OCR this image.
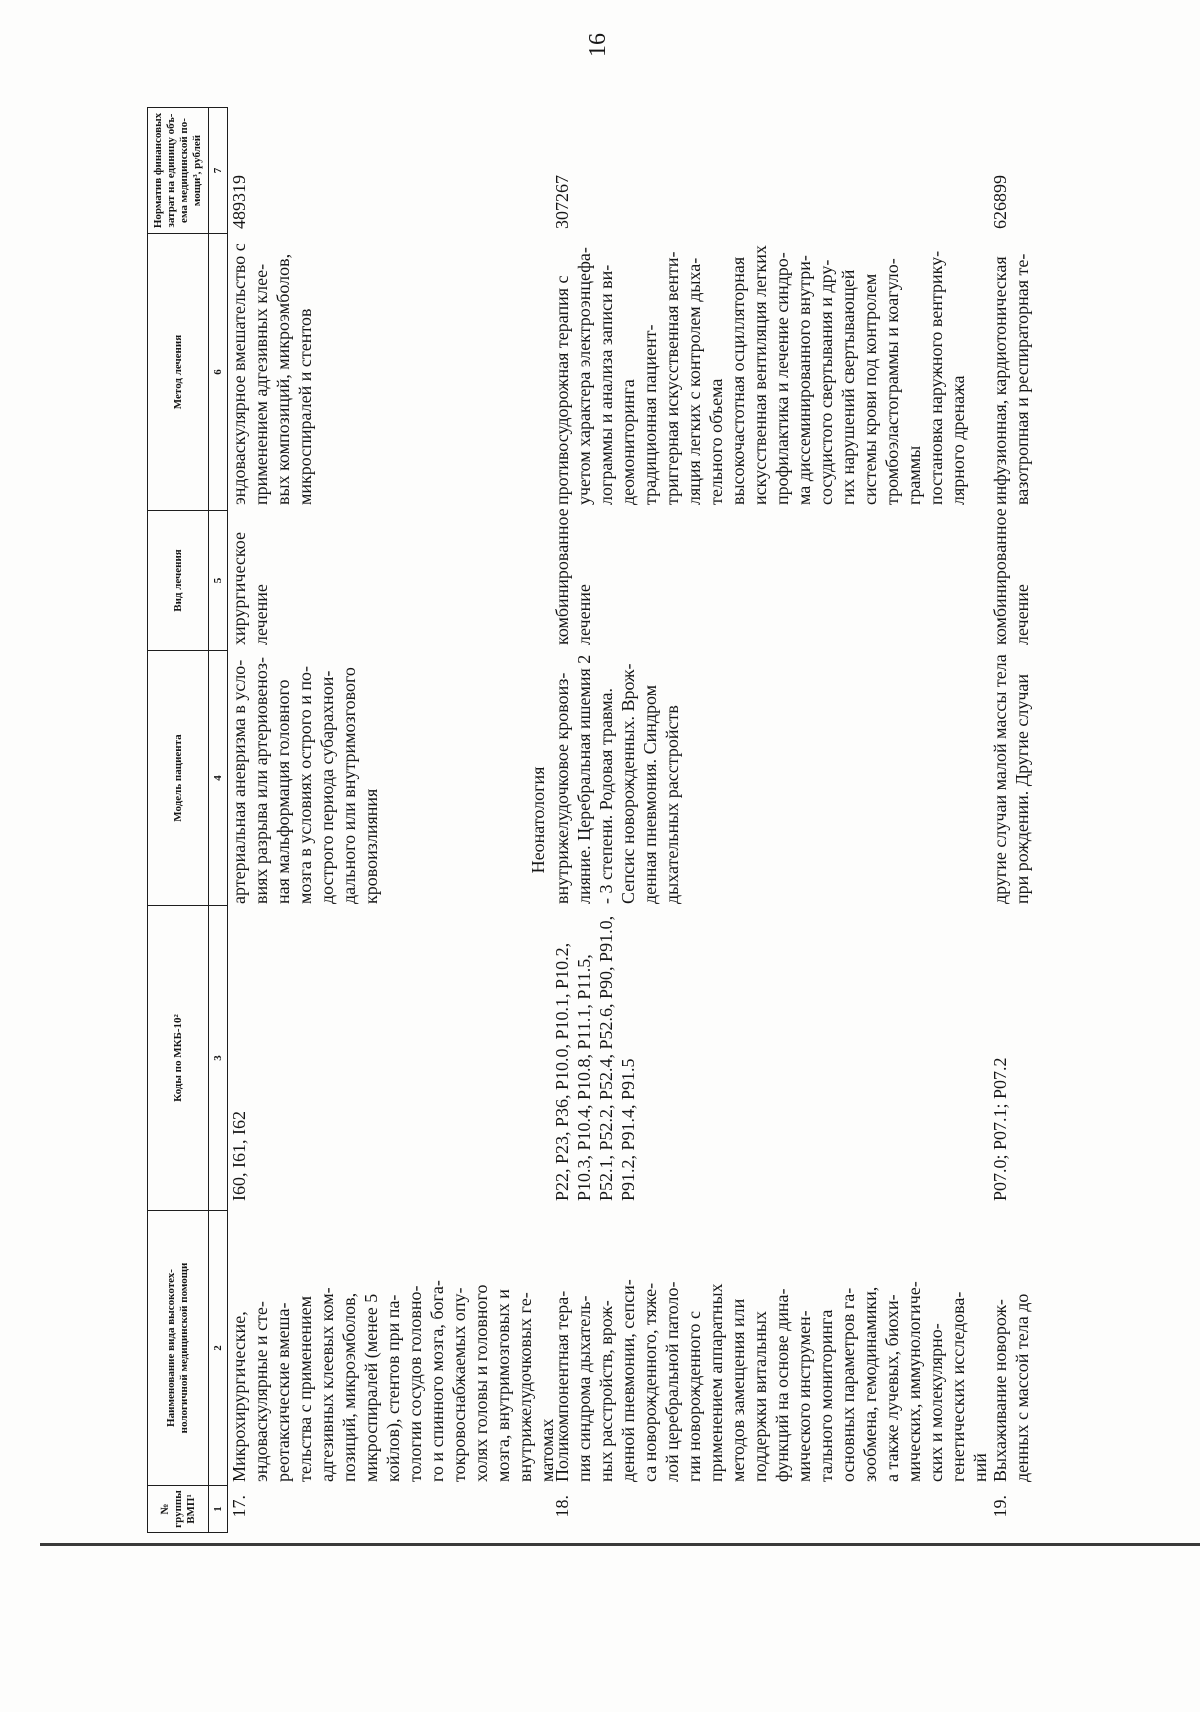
16
№
группы
ВМП¹
Наименование вида высокотех-
нологичной медицинской помощи
Коды по МКБ-10²
Модель пациента
Вид лечения
Метод лечения
Норматив финансовых
затрат на единицу объ-
ема медицинской по-
мощи³, рублей
1
2
3
4
5
6
7
17.
Микрохирургические,
эндоваскулярные и сте-
реотаксические вмеша-
тельства с применением
адгезивных клеевых ком-
позиций, микроэмболов,
микроспиралей (менее 5
койлов), стентов при па-
тологии сосудов головно-
го и спинного мозга, бога-
токровоснабжаемых опу-
холях головы и головного
мозга, внутримозговых и
внутрижелудочковых ге-
матомах
I60, I61, I62
артериальная аневризма в усло-
виях разрыва или артериовеноз-
ная мальформация головного
мозга в условиях острого и по-
дострого периода субарахнои-
дального или внутримозгового
кровоизлияния
хирургическое
лечение
эндоваскулярное вмешательство с
применением адгезивных клее-
вых композиций, микроэмболов,
микроспиралей и стентов
489319
Неонатология
18.
Поликомпонентная тера-
пия синдрома дыхатель-
ных расстройств, врож-
денной пневмонии, сепси-
са новорожденного, тяже-
лой церебральной патоло-
гии новорожденного с
применением аппаратных
методов замещения или
поддержки витальных
функций на основе дина-
мического инструмен-
тального мониторинга
основных параметров га-
зообмена, гемодинамики,
а также лучевых, биохи-
мических, иммунологиче-
ских и молекулярно-
генетических исследова-
ний
P22, P23, P36, P10.0, P10.1, P10.2,
P10.3, P10.4, P10.8, P11.1, P11.5,
P52.1, P52.2, P52.4, P52.6, P90, P91.0,
P91.2, P91.4, P91.5
внутрижелудочковое кровоиз-
лияние. Церебральная ишемия 2
- 3 степени. Родовая травма.
Сепсис новорожденных. Врож-
денная пневмония. Синдром
дыхательных расстройств
комбинированное
лечение
противосудорожная терапия с
учетом характера электроэнцефа-
лограммы и анализа записи ви-
деомониторинга
традиционная пациент-
триггерная искусственная венти-
ляция легких с контролем дыха-
тельного объема
высокочастотная осцилляторная
искусственная вентиляция легких
профилактика и лечение синдро-
ма диссеминированного внутри-
сосудистого свертывания и дру-
гих нарушений свертывающей
системы крови под контролем
тромбоэластограммы и коагуло-
граммы
постановка наружного вентрику-
лярного дренажа
307267
19.
Выхаживание новорож-
денных с массой тела до
P07.0; P07.1; P07.2
другие случаи малой массы тела
при рождении. Другие случаи
комбинированное
лечение
инфузионная, кардиотоническая
вазотропная и респираторная те-
626899
